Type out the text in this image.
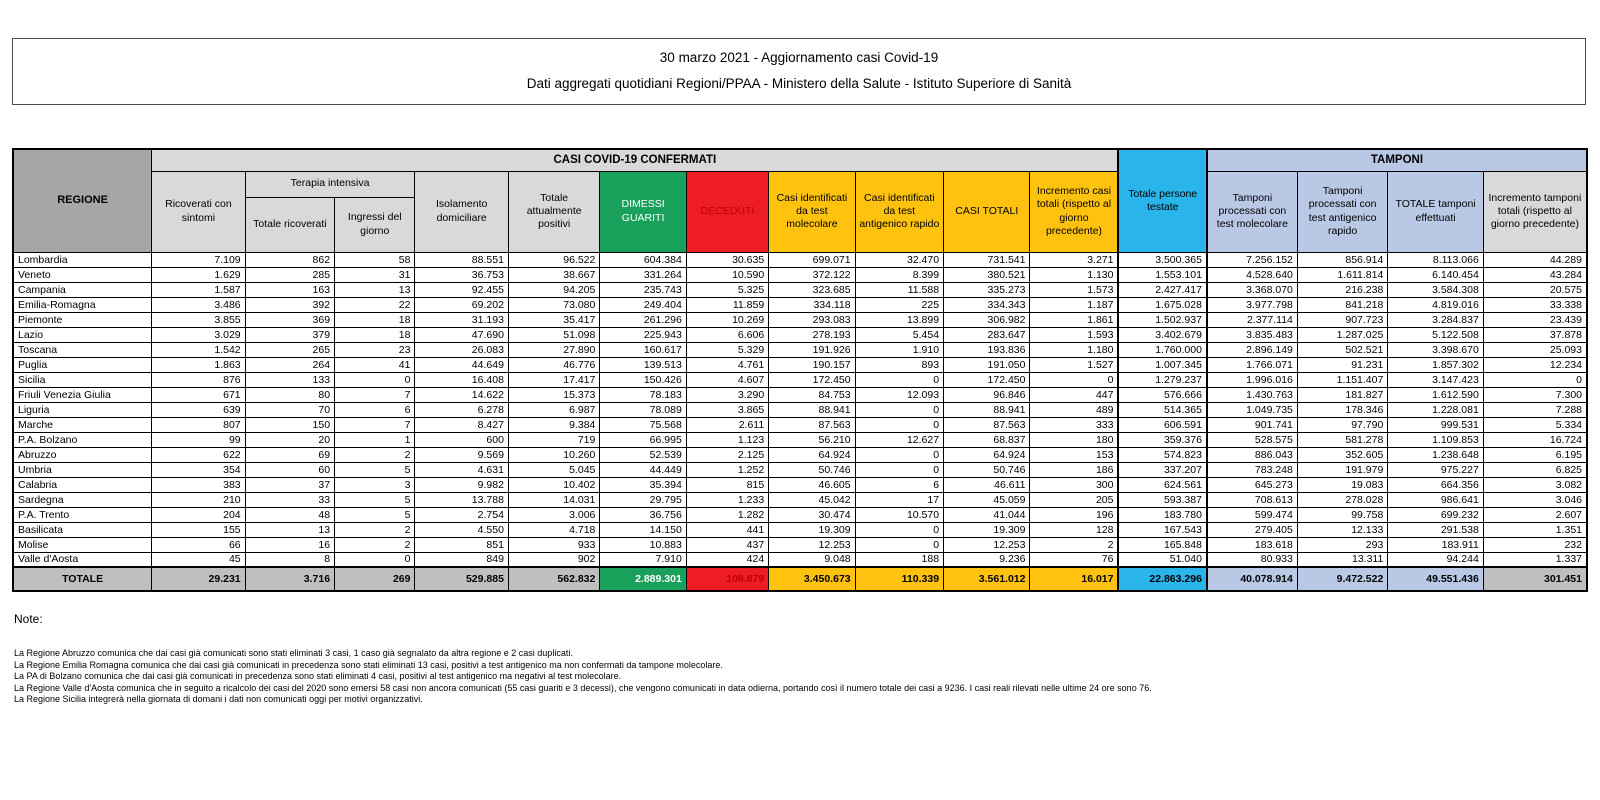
30 marzo 2021 - Aggiornamento casi Covid-19
Dati aggregati quotidiani Regioni/PPAA - Ministero della Salute - Istituto Superiore di Sanità
REGIONE	CASI COVID-19 CONFERMATI											Totale persone testate	TAMPONI			
	Ricoverati con sintomi	Terapia intensiva		Isolamento domiciliare	Totale attualmente positivi	DIMESSI GUARITI	DECEDUTI	Casi identificati da test molecolare	Casi identificati da test antigenico rapido	CASI TOTALI	Incremento casi totali (rispetto al giorno precedente)		Tamponi processati con test molecolare	Tamponi processati con test antigenico rapido	TOTALE tamponi effettuati	Incremento tamponi totali (rispetto al giorno precedente)
		Totale ricoverati	Ingressi del giorno													
Lombardia	7.109	862	58	88.551	96.522	604.384	30.635	699.071	32.470	731.541	3.271	3.500.365	7.256.152	856.914	8.113.066	44.289
Veneto	1.629	285	31	36.753	38.667	331.264	10.590	372.122	8.399	380.521	1.130	1.553.101	4.528.640	1.611.814	6.140.454	43.284
Campania	1.587	163	13	92.455	94.205	235.743	5.325	323.685	11.588	335.273	1.573	2.427.417	3.368.070	216.238	3.584.308	20.575
Emilia-Romagna	3.486	392	22	69.202	73.080	249.404	11.859	334.118	225	334.343	1.187	1.675.028	3.977.798	841.218	4.819.016	33.338
Piemonte	3.855	369	18	31.193	35.417	261.296	10.269	293.083	13.899	306.982	1.861	1.502.937	2.377.114	907.723	3.284.837	23.439
Lazio	3.029	379	18	47.690	51.098	225.943	6.606	278.193	5.454	283.647	1.593	3.402.679	3.835.483	1.287.025	5.122.508	37.878
Toscana	1.542	265	23	26.083	27.890	160.617	5.329	191.926	1.910	193.836	1.180	1.760.000	2.896.149	502.521	3.398.670	25.093
Puglia	1.863	264	41	44.649	46.776	139.513	4.761	190.157	893	191.050	1.527	1.007.345	1.766.071	91.231	1.857.302	12.234
Sicilia	876	133	0	16.408	17.417	150.426	4.607	172.450	0	172.450	0	1.279.237	1.996.016	1.151.407	3.147.423	0
Friuli Venezia Giulia	671	80	7	14.622	15.373	78.183	3.290	84.753	12.093	96.846	447	576.666	1.430.763	181.827	1.612.590	7.300
Liguria	639	70	6	6.278	6.987	78.089	3.865	88.941	0	88.941	489	514.365	1.049.735	178.346	1.228.081	7.288
Marche	807	150	7	8.427	9.384	75.568	2.611	87.563	0	87.563	333	606.591	901.741	97.790	999.531	5.334
P.A. Bolzano	99	20	1	600	719	66.995	1.123	56.210	12.627	68.837	180	359.376	528.575	581.278	1.109.853	16.724
Abruzzo	622	69	2	9.569	10.260	52.539	2.125	64.924	0	64.924	153	574.823	886.043	352.605	1.238.648	6.195
Umbria	354	60	5	4.631	5.045	44.449	1.252	50.746	0	50.746	186	337.207	783.248	191.979	975.227	6.825
Calabria	383	37	3	9.982	10.402	35.394	815	46.605	6	46.611	300	624.561	645.273	19.083	664.356	3.082
Sardegna	210	33	5	13.788	14.031	29.795	1.233	45.042	17	45.059	205	593.387	708.613	278.028	986.641	3.046
P.A. Trento	204	48	5	2.754	3.006	36.756	1.282	30.474	10.570	41.044	196	183.780	599.474	99.758	699.232	2.607
Basilicata	155	13	2	4.550	4.718	14.150	441	19.309	0	19.309	128	167.543	279.405	12.133	291.538	1.351
Molise	66	16	2	851	933	10.883	437	12.253	0	12.253	2	165.848	183.618	293	183.911	232
Valle d'Aosta	45	8	0	849	902	7.910	424	9.048	188	9.236	76	51.040	80.933	13.311	94.244	1.337
TOTALE	29.231	3.716	269	529.885	562.832	2.889.301	108.879	3.450.673	110.339	3.561.012	16.017	22.863.296	40.078.914	9.472.522	49.551.436	301.451

Note:

La Regione Abruzzo comunica che dai casi già comunicati sono stati eliminati 3 casi, 1 caso già segnalato da altra regione e 2 casi duplicati.

La Regione Emilia Romagna comunica che dai casi già comunicati in precedenza sono stati eliminati 13 casi, positivi a test antigenico ma non confermati da tampone molecolare.

La PA di Bolzano comunica che dai casi già comunicati in precedenza sono stati eliminati 4 casi, positivi al test antigenico ma negativi al test molecolare.

La Regione Valle d'Aosta comunica che in seguito a ricalcolo dei casi del 2020 sono emersi 58 casi non ancora comunicati (55 casi guariti e 3 decessi), che vengono comunicati in data odierna, portando così il numero totale dei casi a 9236. I casi reali rilevati nelle ultime 24 ore sono 76.

La Regione Sicilia integrerà nella giornata di domani i dati non comunicati oggi per motivi organizzativi.
